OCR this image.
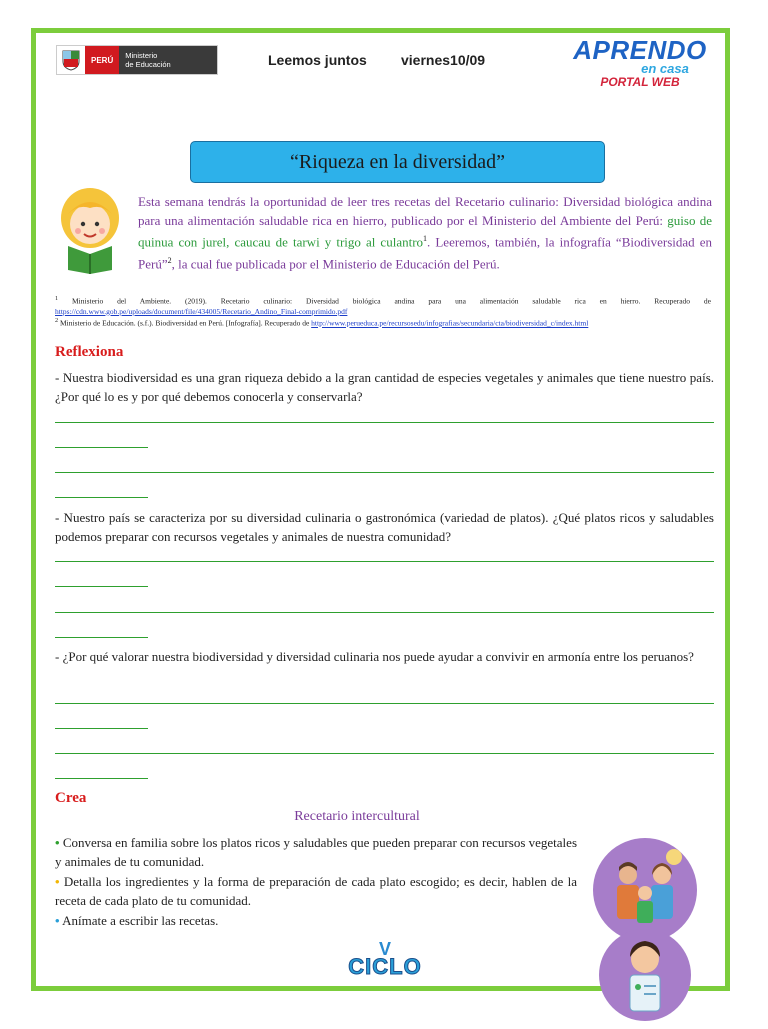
PERÚ	Ministerio
de Educación	Leemos juntos viernes10/09	APRENDO
en casa
PORTAL WEB
“Riqueza en la diversidad”
Esta semana tendrás la oportunidad de leer tres recetas del Recetario culinario: Diversidad biológica andina para una alimentación saludable rica en hierro, publicado por el Ministerio del Ambiente del Perú: guiso de quinua con jurel, caucau de tarwi y trigo al culantro$^1$. Leeremos, también, la infografía “Biodiversidad en Perú”$^2$, la cual fue publicada por el Ministerio de Educación del Perú.
$^1$ Ministerio del Ambiente. (2019). Recetario culinario: Diversidad biológica andina para una alimentación saludable rica en hierro. Recuperado de https://cdn.www.gob.pe/uploads/document/file/434005/Recetario_Andino_Final-comprimido.pdf
$^2$ Ministerio de Educación. (s.f.). Biodiversidad en Perú. [Infografía]. Recuperado de http://www.perueduca.pe/recursosedu/infografias/secundaria/cta/biodiversidad_c/index.html
Reflexiona
- Nuestra biodiversidad es una gran riqueza debido a la gran cantidad de especies vegetales y animales que tiene nuestro país. ¿Por qué lo es y por qué debemos conocerla y conservarla?
- Nuestro país se caracteriza por su diversidad culinaria o gastronómica (variedad de platos). ¿Qué platos ricos y saludables podemos preparar con recursos vegetales y animales de nuestra comunidad?
- ¿Por qué valorar nuestra biodiversidad y diversidad culinaria nos puede ayudar a convivir en armonía entre los peruanos?
Crea
Recetario intercultural
• Conversa en familia sobre los platos ricos y saludables que pueden preparar con recursos vegetales y animales de tu comunidad.
• Detalla los ingredientes y la forma de preparación de cada plato escogido; es decir, hablen de la receta de cada plato de tu comunidad.
• Anímate a escribir las recetas.
V
CICLO
